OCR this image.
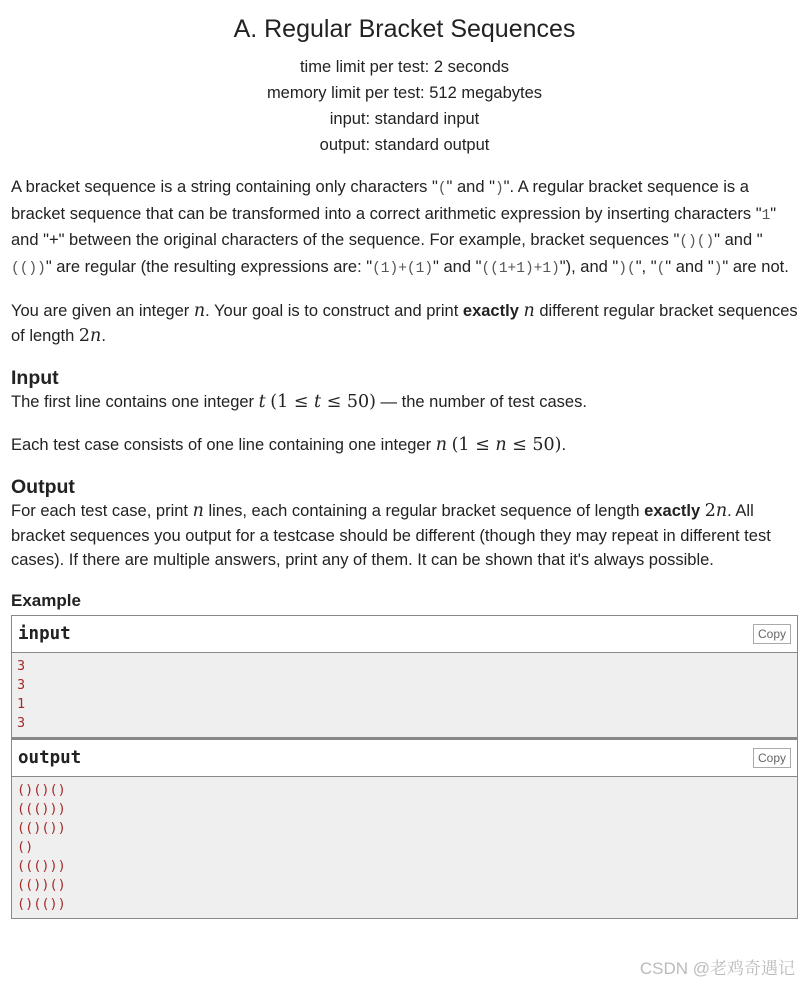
A. Regular Bracket Sequences
time limit per test: 2 seconds
memory limit per test: 512 megabytes
input: standard input
output: standard output

A bracket sequence is a string containing only characters "(" and ")". A regular bracket sequence is a bracket sequence that can be transformed into a correct arithmetic expression by inserting characters "1" and "+" between the original characters of the sequence. For example, bracket sequences "()()" and "(())" are regular (the resulting expressions are: "(1)+(1)" and "((1+1)+1)"), and ")(", "(" and ")" are not.

You are given an integer n. Your goal is to construct and print exactly n different regular bracket sequences of length 2n.

Input

The first line contains one integer t (1 ≤ t ≤ 50) — the number of test cases.

Each test case consists of one line containing one integer n (1 ≤ n ≤ 50).

Output

For each test case, print n lines, each containing a regular bracket sequence of length exactly 2n. All bracket sequences you output for a testcase should be different (though they may repeat in different test cases). If there are multiple answers, print any of them. It can be shown that it's always possible.

Example
input	Copy
3
3
1
3
output	Copy
()()()
((()))
(()())
()
((()))
(())()
()(())
CSDN @老鸡奇遇记
